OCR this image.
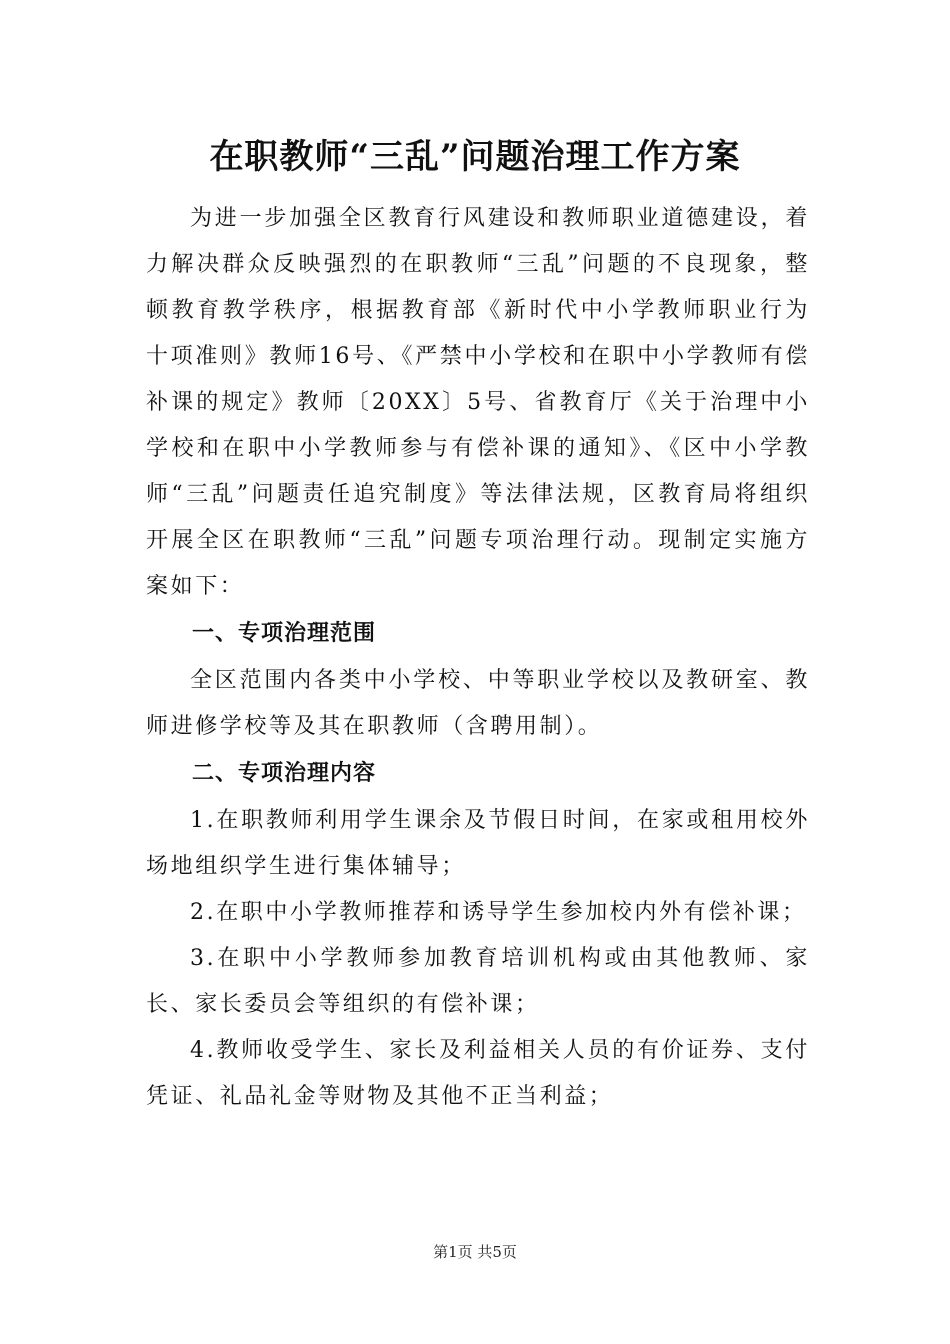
在职教师“三乱”问题治理工作方案

为进一步加强全区教育行风建设和教师职业道德建设，着力解决群众反映强烈的在职教师“三乱”问题的不良现象，整顿教育教学秩序，根据教育部《新时代中小学教师职业行为十项准则》教师16号、《严禁中小学校和在职中小学教师有偿补课的规定》教师〔20XX〕5号、省教育厅《关于治理中小学校和在职中小学教师参与有偿补课的通知》、《区中小学教师“三乱”问题责任追究制度》等法律法规，区教育局将组织开展全区在职教师“三乱”问题专项治理行动。现制定实施方案如下：

一、专项治理范围

全区范围内各类中小学校、中等职业学校以及教研室、教师进修学校等及其在职教师（含聘用制）。

二、专项治理内容

1.在职教师利用学生课余及节假日时间，在家或租用校外场地组织学生进行集体辅导；

2.在职中小学教师推荐和诱导学生参加校内外有偿补课；

3.在职中小学教师参加教育培训机构或由其他教师、家长、家长委员会等组织的有偿补课；

4.教师收受学生、家长及利益相关人员的有价证券、支付凭证、礼品礼金等财物及其他不正当利益；

第1页 共5页
